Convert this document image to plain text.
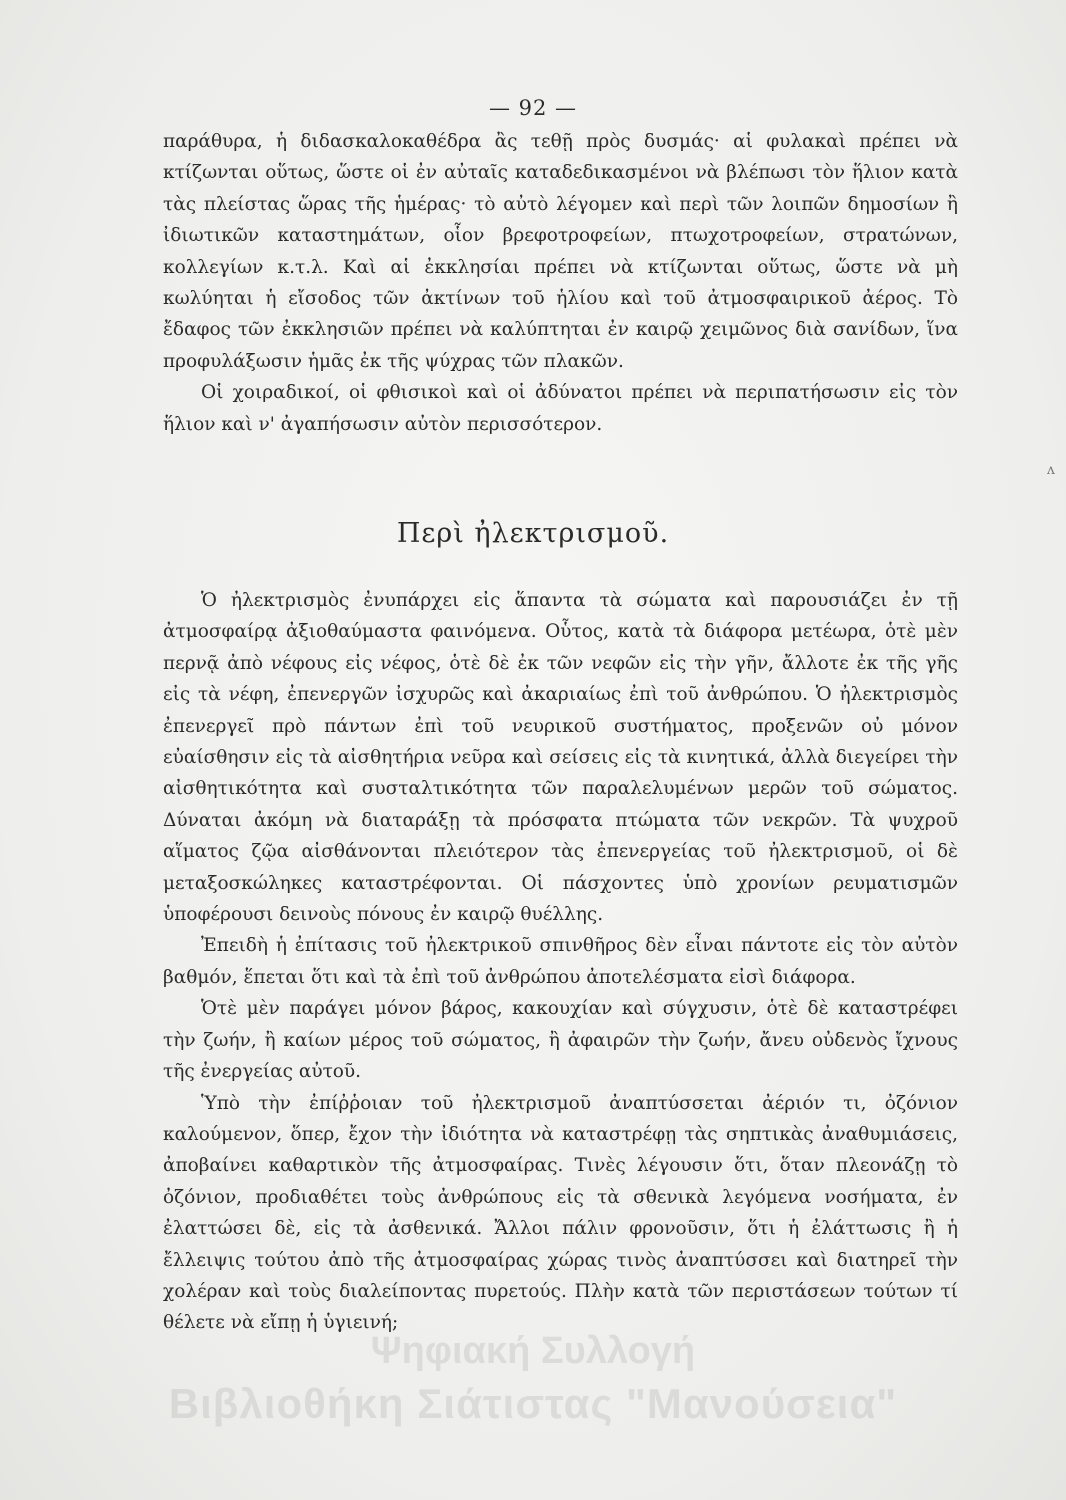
— 92 —

παράθυρα, ἡ διδασκαλοκαθέδρα ἂς τεθῇ πρὸς δυσμάς· αἱ φυλακαὶ πρέπει νὰ κτίζωνται οὕτως, ὥστε οἱ ἐν αὐταῖς καταδεδικασμένοι νὰ βλέπωσι τὸν ἥλιον κατὰ τὰς πλείστας ὥρας τῆς ἡμέρας· τὸ αὐτὸ λέγομεν καὶ περὶ τῶν λοιπῶν δημοσίων ἢ ἰδιωτικῶν καταστημάτων, οἷον βρεφοτροφείων, πτωχοτροφείων, στρατώνων, κολλεγίων κ.τ.λ. Καὶ αἱ ἐκκλησίαι πρέπει νὰ κτίζωνται οὕτως, ὥστε νὰ μὴ κωλύηται ἡ εἴσοδος τῶν ἀκτίνων τοῦ ἡλίου καὶ τοῦ ἀτμοσφαιρικοῦ ἀέρος. Τὸ ἔδαφος τῶν ἐκκλησιῶν πρέπει νὰ καλύπτηται ἐν καιρῷ χειμῶνος διὰ σανίδων, ἵνα προφυλάξωσιν ἡμᾶς ἐκ τῆς ψύχρας τῶν πλακῶν.

Οἱ χοιραδικοί, οἱ φθισικοὶ καὶ οἱ ἀδύνατοι πρέπει νὰ περιπατήσωσιν εἰς τὸν ἥλιον καὶ ν' ἀγαπήσωσιν αὐτὸν περισσότερον.

ʌ
Περὶ ἠλεκτρισμοῦ.

Ὁ ἠλεκτρισμὸς ἐνυπάρχει εἰς ἅπαντα τὰ σώματα καὶ παρουσιάζει ἐν τῇ ἀτμοσφαίρᾳ ἀξιοθαύμαστα φαινόμενα. Οὗτος, κατὰ τὰ διάφορα μετέωρα, ὁτὲ μὲν περνᾷ ἀπὸ νέφους εἰς νέφος, ὁτὲ δὲ ἐκ τῶν νεφῶν εἰς τὴν γῆν, ἄλλοτε ἐκ τῆς γῆς εἰς τὰ νέφη, ἐπενεργῶν ἰσχυρῶς καὶ ἀκαριαίως ἐπὶ τοῦ ἀνθρώπου. Ὁ ἠλεκτρισμὸς ἐπενεργεῖ πρὸ πάντων ἐπὶ τοῦ νευρικοῦ συστήματος, προξενῶν οὐ μόνον εὐαίσθησιν εἰς τὰ αἰσθητήρια νεῦρα καὶ σείσεις εἰς τὰ κινητικά, ἀλλὰ διεγείρει τὴν αἰσθητικότητα καὶ συσταλτικότητα τῶν παραλελυμένων μερῶν τοῦ σώματος. Δύναται ἀκόμη νὰ διαταράξῃ τὰ πρόσφατα πτώματα τῶν νεκρῶν. Τὰ ψυχροῦ αἵματος ζῷα αἰσθάνονται πλειότερον τὰς ἐπενεργείας τοῦ ἠλεκτρισμοῦ, οἱ δὲ μεταξοσκώληκες καταστρέφονται. Οἱ πάσχοντες ὑπὸ χρονίων ρευματισμῶν ὑποφέρουσι δεινοὺς πόνους ἐν καιρῷ θυέλλης.

Ἐπειδὴ ἡ ἐπίτασις τοῦ ἠλεκτρικοῦ σπινθῆρος δὲν εἶναι πάντοτε εἰς τὸν αὐτὸν βαθμόν, ἕπεται ὅτι καὶ τὰ ἐπὶ τοῦ ἀνθρώπου ἀποτελέσματα εἰσὶ διάφορα.

Ὁτὲ μὲν παράγει μόνον βάρος, κακουχίαν καὶ σύγχυσιν, ὁτὲ δὲ καταστρέφει τὴν ζωήν, ἢ καίων μέρος τοῦ σώματος, ἢ ἀφαιρῶν τὴν ζωήν, ἄνευ οὐδενὸς ἴχνους τῆς ἐνεργείας αὐτοῦ.

Ὑπὸ τὴν ἐπίῤῥοιαν τοῦ ἠλεκτρισμοῦ ἀναπτύσσεται ἀέριόν τι, ὀζόνιον καλούμενον, ὅπερ, ἔχον τὴν ἰδιότητα νὰ καταστρέφῃ τὰς σηπτικὰς ἀναθυμιάσεις, ἀποβαίνει καθαρτικὸν τῆς ἀτμοσφαίρας. Τινὲς λέγουσιν ὅτι, ὅταν πλεονάζῃ τὸ ὀζόνιον, προδιαθέτει τοὺς ἀνθρώπους εἰς τὰ σθενικὰ λεγόμενα νοσήματα, ἐν ἐλαττώσει δὲ, εἰς τὰ ἀσθενικά. Ἄλλοι πάλιν φρονοῦσιν, ὅτι ἡ ἐλάττωσις ἢ ἡ ἔλλειψις τούτου ἀπὸ τῆς ἀτμοσφαίρας χώρας τινὸς ἀναπτύσσει καὶ διατηρεῖ τὴν χολέραν καὶ τοὺς διαλείποντας πυρετούς. Πλὴν κατὰ τῶν περιστάσεων τούτων τί θέλετε νὰ εἴπῃ ἡ ὑγιεινή;

Ψηφιακή Συλλογή
Βιβλιοθήκη Σιάτιστας "Μανούσεια"
